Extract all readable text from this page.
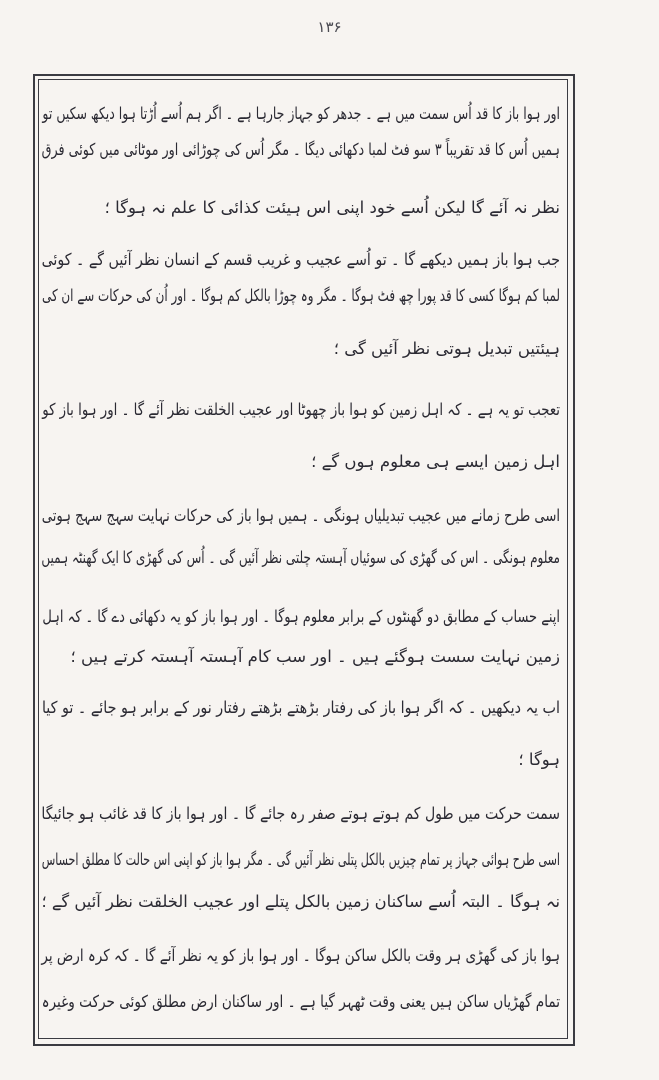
۱۳۶
اور ہوا باز کا قد اُس سمت میں ہے ۔ جدھر کو جہاز جارہا ہے ۔ اگر ہم اُسے اُڑتا ہوا دیکھ سکیں تو
ہمیں اُس کا قد تقریباً ۳ سو فٹ لمبا دکھائی دیگا ۔ مگر اُس کی چوڑائی اور موٹائی میں کوئی فرق
نظر نہ آئے گا لیکن اُسے خود اپنی اس ہیئت کذائی کا علم نہ ہوگا ؛
جب ہوا باز ہمیں دیکھے گا ۔ تو اُسے عجیب و غریب قسم کے انسان نظر آئیں گے ۔ کوئی
لمبا کم ہوگا کسی کا قد پورا چھ فٹ ہوگا ۔ مگر وہ چوڑا بالکل کم ہوگا ۔ اور اُن کی حرکات سے ان کی
ہیئتیں تبدیل ہوتی نظر آئیں گی ؛
تعجب تو یہ ہے ۔ کہ اہل زمین کو ہوا باز چھوٹا اور عجیب الخلقت نظر آئے گا ۔ اور ہوا باز کو
اہل زمین ایسے ہی معلوم ہوں گے ؛
اسی طرح زمانے میں عجیب تبدیلیاں ہونگی ۔ ہمیں ہوا باز کی حرکات نہایت سہج سہج ہوتی
معلوم ہونگی ۔ اس کی گھڑی کی سوئیاں آہستہ چلتی نظر آئیں گی ۔ اُس کی گھڑی کا ایک گھنٹہ ہمیں
اپنے حساب کے مطابق دو گھنٹوں کے برابر معلوم ہوگا ۔ اور ہوا باز کو یہ دکھائی دے گا ۔ کہ اہل
زمین نہایت سست ہوگئے ہیں ۔ اور سب کام آہستہ آہستہ کرتے ہیں ؛
اب یہ دیکھیں ۔ کہ اگر ہوا باز کی رفتار بڑھتے بڑھتے رفتار نور کے برابر ہو جائے ۔ تو کیا
ہوگا ؛
سمت حرکت میں طول کم ہوتے ہوتے صفر رہ جائے گا ۔ اور ہوا باز کا قد غائب ہو جائیگا
اسی طرح ہوائی جہاز پر تمام چیزیں بالکل پتلی نظر آئیں گی ۔ مگر ہوا باز کو اپنی اس حالت کا مطلق احساس
نہ ہوگا ۔ البتہ اُسے ساکنان زمین بالکل پتلے اور عجیب الخلقت نظر آئیں گے ؛
ہوا باز کی گھڑی ہر وقت بالکل ساکن ہوگا ۔ اور ہوا باز کو یہ نظر آئے گا ۔ کہ کرہ ارض پر
تمام گھڑیاں ساکن ہیں یعنی وقت ٹھہر گیا ہے ۔ اور ساکنان ارض مطلق کوئی حرکت وغیرہ
